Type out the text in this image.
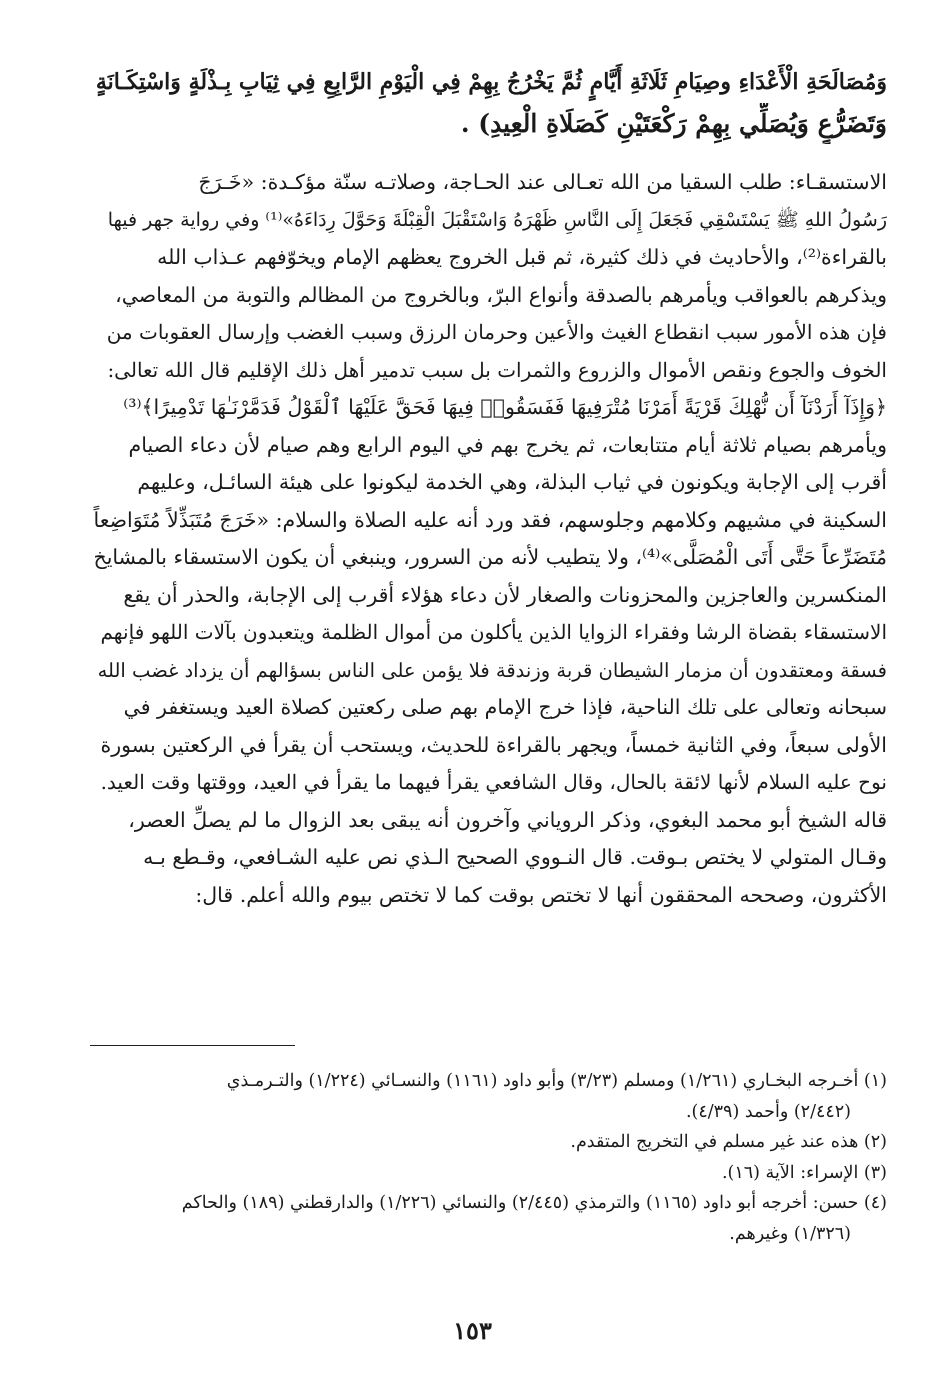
وَمُصَالَحَةِ الْأَعْدَاءِ وصِيَامِ ثَلَاثَةِ أَيَّامٍ ثُمَّ يَخْرُجُ بِهِمْ فِي الْيَوْمِ الرَّابِعِ فِي ثِيَابِ بِـذْلَةٍ وَاسْتِكَـانَةٍ
وَتَضَرُّعٍ وَيُصَلِّي بِهِمْ رَكْعَتَيْنِ كَصَلَاةِ الْعِيدِ) .
الاستسقـاء: طلب السقيا من الله تعـالى عند الحـاجة، وصلاتـه سنّة مؤكـدة: «خَـرَجَ
رَسُولُ اللهِ ﷺ يَسْتَسْقِي فَجَعَلَ إِلَى النَّاسِ ظَهْرَهُ وَاسْتَقْبَلَ الْقِبْلَةَ وَحَوَّلَ رِدَاءَهُ»⁽¹⁾ وفي رواية جهر فيها
بالقراءة⁽²⁾، والأحاديث في ذلك كثيرة، ثم قبل الخروج يعظهم الإمام ويخوّفهم عـذاب الله
ويذكرهم بالعواقب ويأمرهم بالصدقة وأنواع البرّ، وبالخروج من المظالم والتوبة من المعاصي،
فإن هذه الأمور سبب انقطاع الغيث والأعين وحرمان الرزق وسبب الغضب وإرسال العقوبات من
الخوف والجوع ونقص الأموال والزروع والثمرات بل سبب تدمير أهل ذلك الإقليم قال الله تعالى:
﴿وَإِذَآ أَرَدْنَآ أَن نُّهْلِكَ قَرْيَةً أَمَرْنَا مُتْرَفِيهَا فَفَسَقُوا۟ فِيهَا فَحَقَّ عَلَيْهَا ٱلْقَوْلُ فَدَمَّرْنَـٰهَا تَدْمِيرًا﴾⁽³⁾
ويأمرهم بصيام ثلاثة أيام متتابعات، ثم يخرج بهم في اليوم الرابع وهم صيام لأن دعاء الصيام
أقرب إلى الإجابة ويكونون في ثياب البذلة، وهي الخدمة ليكونوا على هيئة السائـل، وعليهم
السكينة في مشيهم وكلامهم وجلوسهم، فقد ورد أنه عليه الصلاة والسلام: «خَرَجَ مُتَبَذِّلاً مُتَوَاضِعاً
مُتَضَرِّعاً حَتَّى أَتَى الْمُصَلَّى»⁽⁴⁾، ولا يتطيب لأنه من السرور، وينبغي أن يكون الاستسقاء بالمشايخ
المنكسرين والعاجزين والمحزونات والصغار لأن دعاء هؤلاء أقرب إلى الإجابة، والحذر أن يقع
الاستسقاء بقضاة الرشا وفقراء الزوايا الذين يأكلون من أموال الظلمة ويتعبدون بآلات اللهو فإنهم
فسقة ومعتقدون أن مزمار الشيطان قربة وزندقة فلا يؤمن على الناس بسؤالهم أن يزداد غضب الله
سبحانه وتعالى على تلك الناحية، فإذا خرج الإمام بهم صلى ركعتين كصلاة العيد ويستغفر في
الأولى سبعاً، وفي الثانية خمساً، ويجهر بالقراءة للحديث، ويستحب أن يقرأ في الركعتين بسورة
نوح عليه السلام لأنها لائقة بالحال، وقال الشافعي يقرأ فيهما ما يقرأ في العيد، ووقتها وقت العيد.
قاله الشيخ أبو محمد البغوي، وذكر الروياني وآخرون أنه يبقى بعد الزوال ما لم يصلِّ العصر،
وقـال المتولي لا يختص بـوقت. قال النـووي الصحيح الـذي نص عليه الشـافعي، وقـطع بـه
الأكثرون، وصححه المحققون أنها لا تختص بوقت كما لا تختص بيوم والله أعلم. قال:
(١) أخـرجه البخـاري (١/٢٦١) ومسلم (٣/٢٣) وأبو داود (١١٦١) والنسـائي (١/٢٢٤) والتـرمـذي
(٢/٤٤٢) وأحمد (٤/٣٩).
(٢) هذه عند غير مسلم في التخريج المتقدم.
(٣) الإسراء: الآية (١٦).
(٤) حسن: أخرجه أبو داود (١١٦٥) والترمذي (٢/٤٤٥) والنسائي (١/٢٢٦) والدارقطني (١٨٩) والحاكم
(١/٣٢٦) وغيرهم.
١٥٣
